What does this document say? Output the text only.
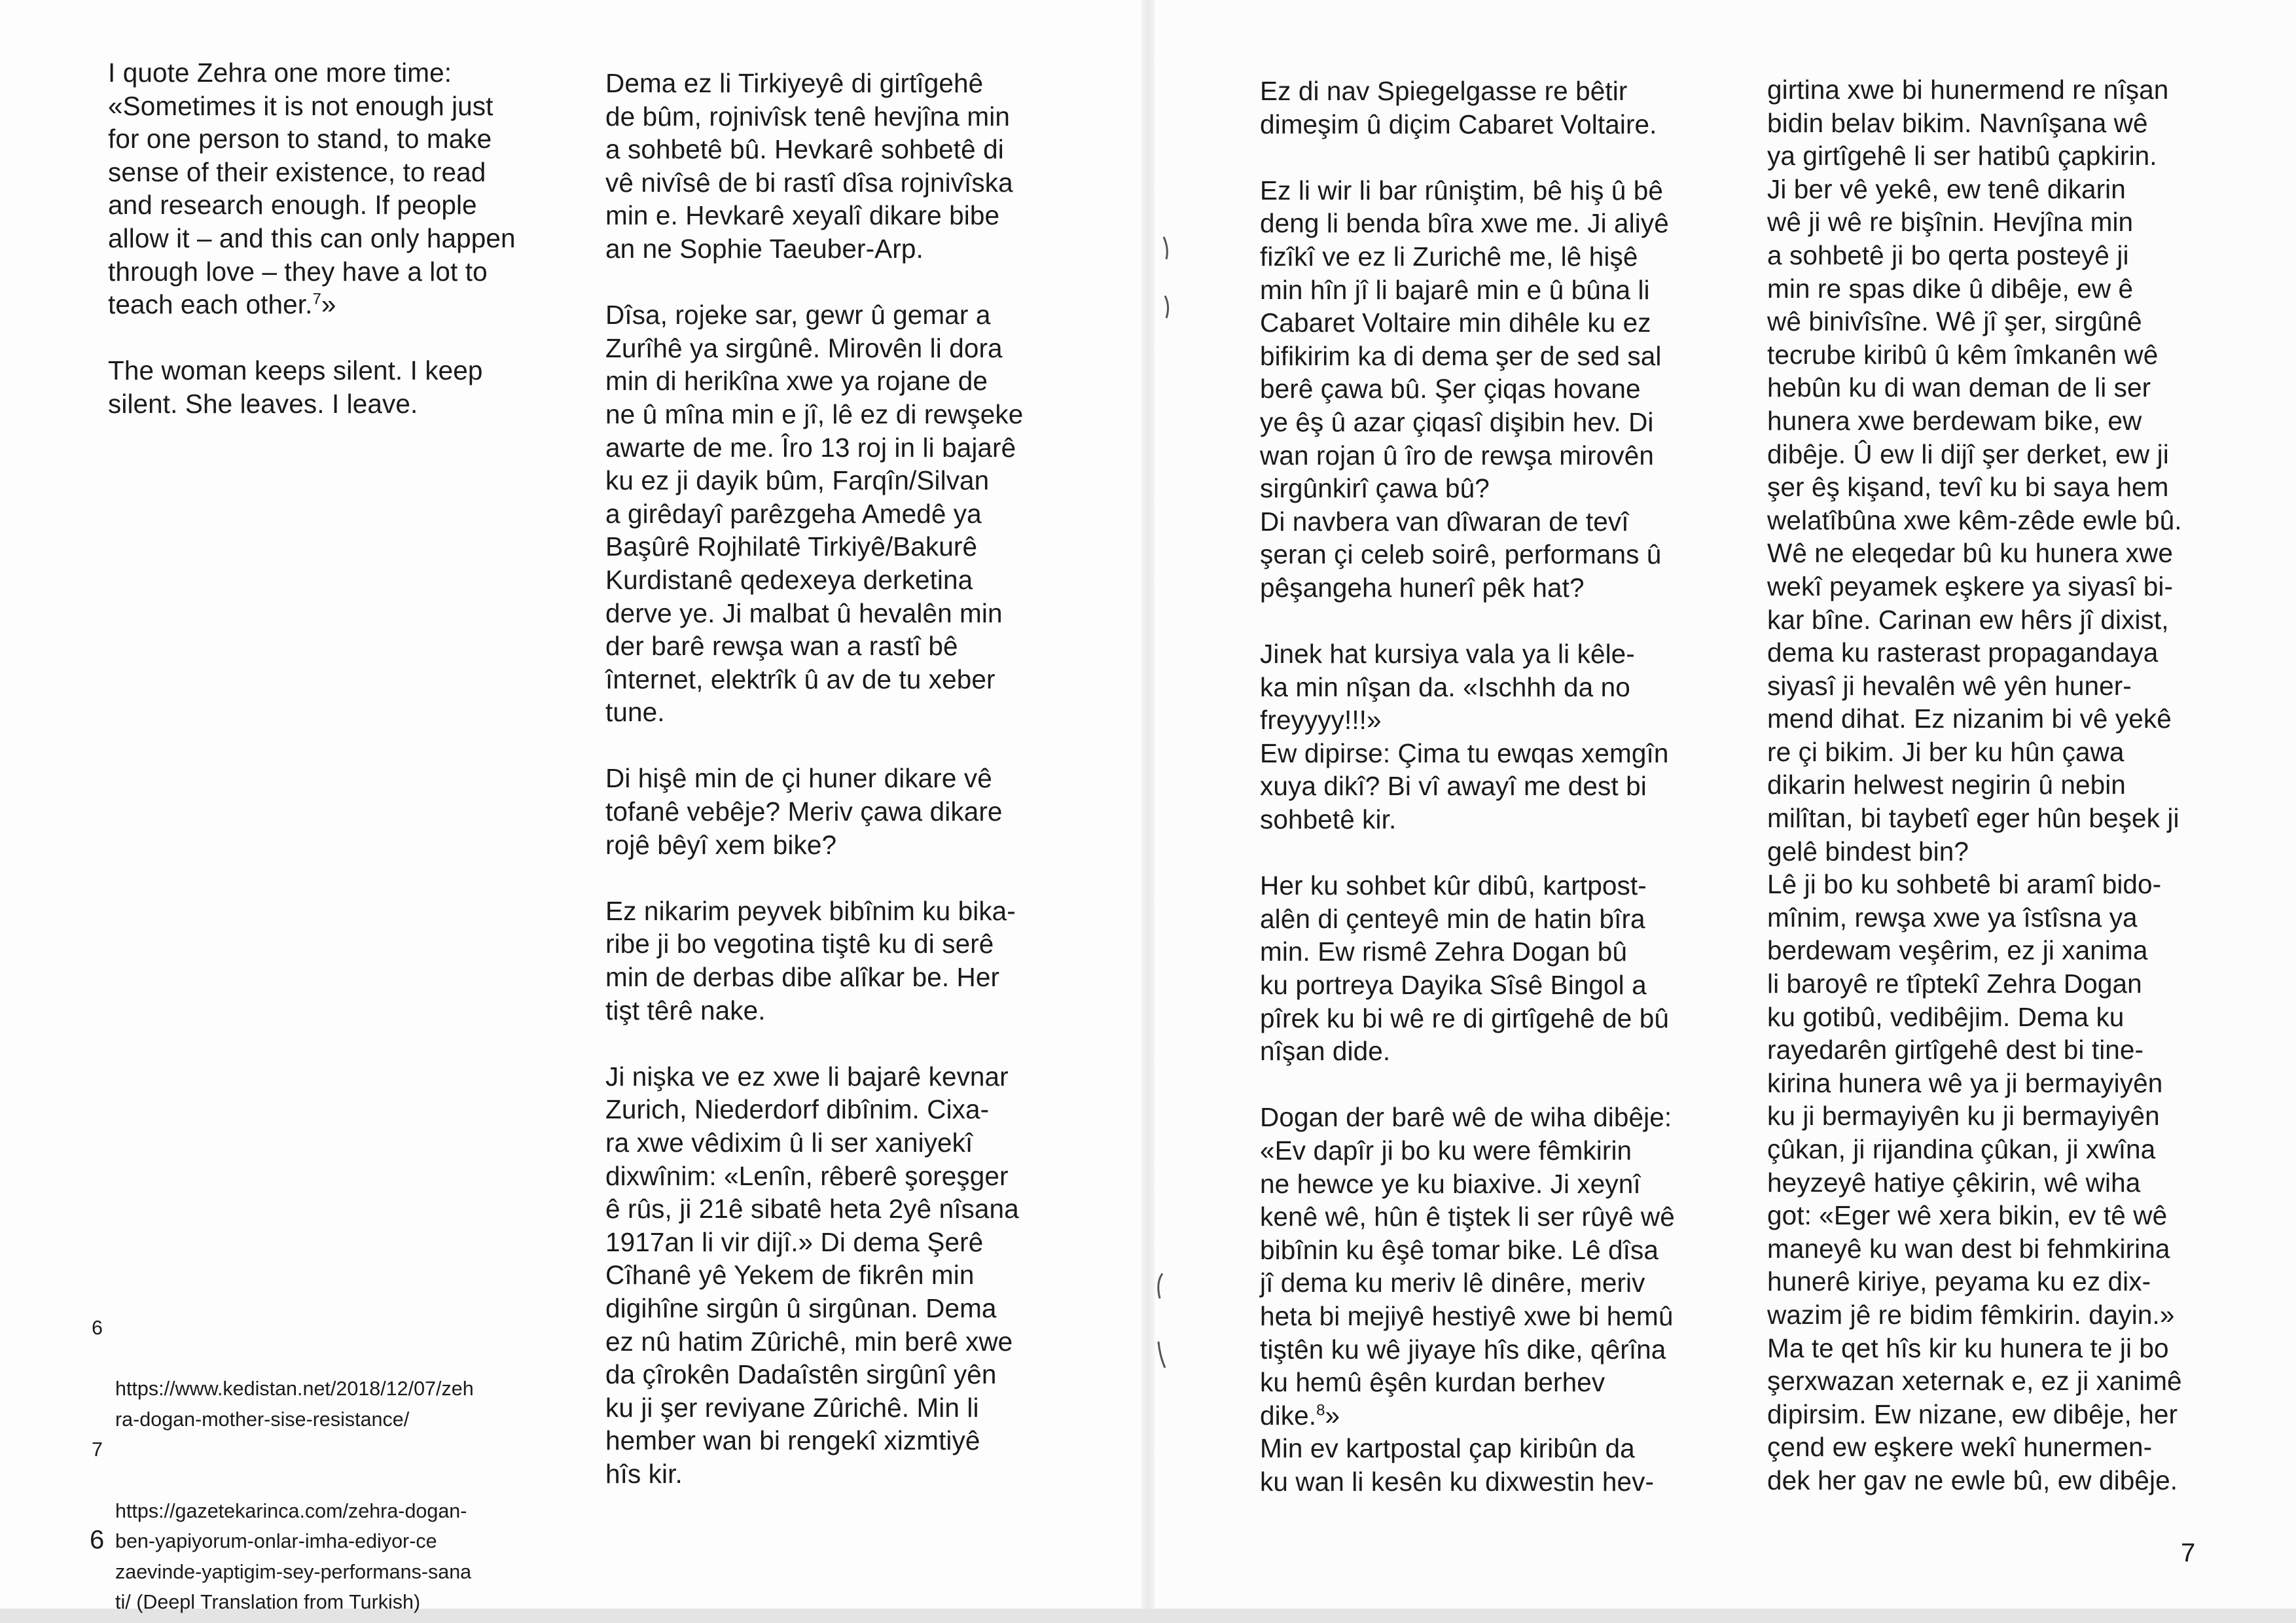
I quote Zehra one more time:
«Sometimes it is not enough just
for one person to stand, to make
sense of their existence, to read
and research enough. If people
allow it – and this can only happen
through love – they have a lot to
teach each other.$^7$»

The woman keeps silent. I keep
silent. She leaves. I leave.

6

https://www.kedistan.net/2018/12/07/zeh
ra-dogan-mother-sise-resistance/

7

https://gazetekarinca.com/zehra-dogan-
ben-yapiyorum-onlar-imha-ediyor-ce
zaevinde-yaptigim-sey-performans-sana
ti/ (Deepl Translation from Turkish)

6

Dema ez li Tirkiyeyê di girtîgehê
de bûm, rojnivîsk tenê hevjîna min
a sohbetê bû. Hevkarê sohbetê di
vê nivîsê de bi rastî dîsa rojnivîska
min e. Hevkarê xeyalî dikare bibe
an ne Sophie Taeuber-Arp.

Dîsa, rojeke sar, gewr û gemar a
Zurîhê ya sirgûnê. Mirovên li dora
min di herikîna xwe ya rojane de
ne û mîna min e jî, lê ez di rewşeke
awarte de me. Îro 13 roj in li bajarê
ku ez ji dayik bûm, Farqîn/Silvan
a girêdayî parêzgeha Amedê ya
Başûrê Rojhilatê Tirkiyê/Bakurê
Kurdistanê qedexeya derketina
derve ye. Ji malbat û hevalên min
der barê rewşa wan a rastî bê
înternet, elektrîk û av de tu xeber
tune.

Di hişê min de çi huner dikare vê
tofanê vebêje? Meriv çawa dikare
rojê bêyî xem bike?

Ez nikarim peyvek bibînim ku bika-
ribe ji bo vegotina tiştê ku di serê
min de derbas dibe alîkar be. Her
tişt têrê nake.

Ji nişka ve ez xwe li bajarê kevnar
Zurich, Niederdorf dibînim. Cixa-
ra xwe vêdixim û li ser xaniyekî
dixwînim: «Lenîn, rêberê şoreşger
ê rûs, ji 21ê sibatê heta 2yê nîsana
1917an li vir dijî.» Di dema Şerê
Cîhanê yê Yekem de fikrên min
digihîne sirgûn û sirgûnan. Dema
ez nû hatim Zûrichê, min berê xwe
da çîrokên Dadaîstên sirgûnî yên
ku ji şer reviyane Zûrichê. Min li
hember wan bi rengekî xizmtiyê
hîs kir.

Ez di nav Spiegelgasse re bêtir
dimeşim û diçim Cabaret Voltaire.

Ez li wir li bar rûniştim, bê hiş û bê
deng li benda bîra xwe me. Ji aliyê
fizîkî ve ez li Zurichê me, lê hişê
min hîn jî li bajarê min e û bûna li
Cabaret Voltaire min dihêle ku ez
bifikirim ka di dema şer de sed sal
berê çawa bû. Şer çiqas hovane
ye êş û azar çiqasî dişibin hev. Di
wan rojan û îro de rewşa mirovên
sirgûnkirî çawa bû?
Di navbera van dîwaran de tevî
şeran çi celeb soirê, performans û
pêşangeha hunerî pêk hat?

Jinek hat kursiya vala ya li kêle-
ka min nîşan da. «Ischhh da no
freyyyy!!!»
Ew dipirse: Çima tu ewqas xemgîn
xuya dikî? Bi vî awayî me dest bi
sohbetê kir.

Her ku sohbet kûr dibû, kartpost-
alên di çenteyê min de hatin bîra
min. Ew rismê Zehra Dogan bû
ku portreya Dayika Sîsê Bingol a
pîrek ku bi wê re di girtîgehê de bû
nîşan dide.

Dogan der barê wê de wiha dibêje:
«Ev dapîr ji bo ku were fêmkirin
ne hewce ye ku biaxive. Ji xeynî
kenê wê, hûn ê tiştek li ser rûyê wê
bibînin ku êşê tomar bike. Lê dîsa
jî dema ku meriv lê dinêre, meriv
heta bi mejiyê hestiyê xwe bi hemû
tiştên ku wê jiyaye hîs dike, qêrîna
ku hemû êşên kurdan berhev
dike.$^8$»

Min ev kartpostal çap kiribûn da
ku wan li kesên ku dixwestin hev-

girtina xwe bi hunermend re nîşan
bidin belav bikim. Navnîşana wê
ya girtîgehê li ser hatibû çapkirin.
Ji ber vê yekê, ew tenê dikarin
wê ji wê re bişînin. Hevjîna min
a sohbetê ji bo qerta posteyê ji
min re spas dike û dibêje, ew ê
wê binivîsîne. Wê jî şer, sirgûnê
tecrube kiribû û kêm îmkanên wê
hebûn ku di wan deman de li ser
hunera xwe berdewam bike, ew
dibêje. Û ew li dijî şer derket, ew ji
şer êş kişand, tevî ku bi saya hem
welatîbûna xwe kêm-zêde ewle bû.
Wê ne eleqedar bû ku hunera xwe
wekî peyamek eşkere ya siyasî bi-
kar bîne. Carinan ew hêrs jî dixist,
dema ku rasterast propagandaya
siyasî ji hevalên wê yên huner-
mend dihat. Ez nizanim bi vê yekê
re çi bikim. Ji ber ku hûn çawa
dikarin helwest negirin û nebin
milîtan, bi taybetî eger hûn beşek ji
gelê bindest bin?
Lê ji bo ku sohbetê bi aramî bido-
mînim, rewşa xwe ya îstîsna ya
berdewam veşêrim, ez ji xanima
li baroyê re tîptekî Zehra Dogan
ku gotibû, vedibêjim. Dema ku
rayedarên girtîgehê dest bi tine-
kirina hunera wê ya ji bermayiyên
ku ji bermayiyên ku ji bermayiyên
çûkan, ji rijandina çûkan, ji xwîna
heyzeyê hatiye çêkirin, wê wiha
got: «Eger wê xera bikin, ev tê wê
maneyê ku wan dest bi fehmkirina
hunerê kiriye, peyama ku ez dix-
wazim jê re bidim fêmkirin. dayin.»
Ma te qet hîs kir ku hunera te ji bo
şerxwazan xeternak e, ez ji xanimê
dipirsim. Ew nizane, ew dibêje, her
çend ew eşkere wekî hunermen-
dek her gav ne ewle bû, ew dibêje.

7
